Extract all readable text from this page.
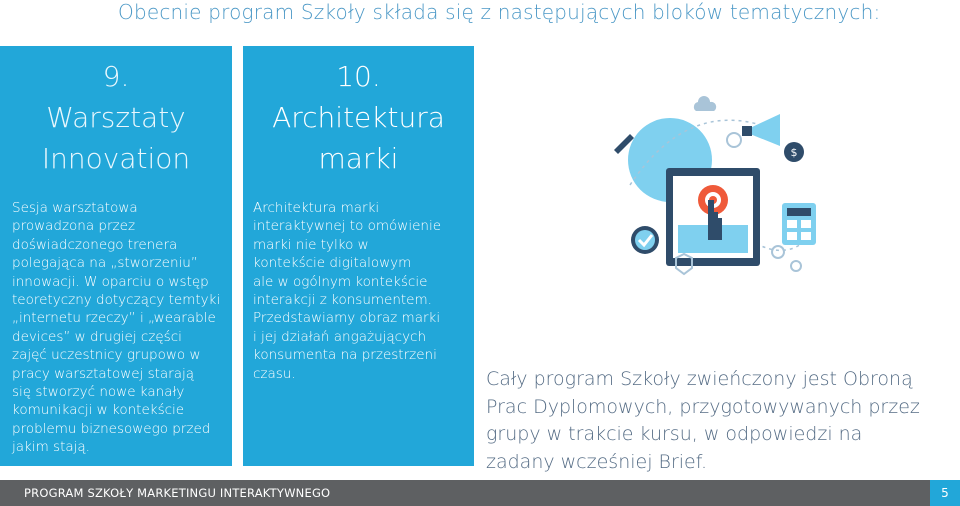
Obecnie program Szkoły składa się z następujących bloków tematycznych:
9.
Warsztaty
Innovation
Sesja warsztatowa
prowadzona przez
doświadczonego trenera
polegająca na „stworzeniu”
innowacji. W oparciu o wstęp
teoretyczny dotyczący temtyki
„internetu rzeczy” i „wearable
devices” w drugiej części
zajęć uczestnicy grupowo w
pracy warsztatowej starają
się stworzyć nowe kanały
komunikacji w kontekście
problemu biznesowego przed
jakim stają.
10.
Architektura
marki
Architektura marki
interaktywnej to omówienie
marki nie tylko w
kontekście digitalowym
ale w ogólnym kontekście
interakcji z konsumentem.
Przedstawiamy obraz marki
i jej działań angażujących
konsumenta na przestrzeni
czasu.
$
Cały program Szkoły zwieńczony jest Obroną
Prac Dyplomowych, przygotowywanych przez
grupy w trakcie kursu, w odpowiedzi na
zadany wcześniej Brief.
PROGRAM SZKOŁY MARKETINGU INTERAKTYWNEGO	5
